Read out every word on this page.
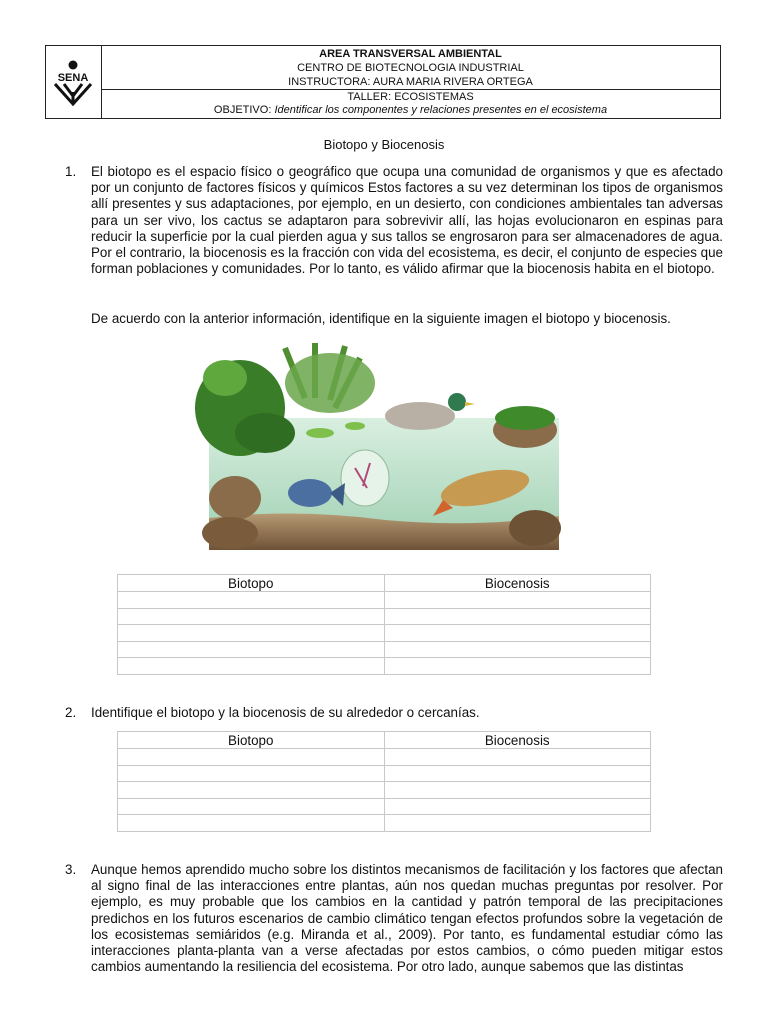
SENA
AREA TRANSVERSAL AMBIENTAL
CENTRO DE BIOTECNOLOGIA INDUSTRIAL
INSTRUCTORA: AURA MARIA RIVERA ORTEGA
TALLER: ECOSISTEMAS
OBJETIVO: Identificar los componentes y relaciones presentes en el ecosistema
Biotopo y Biocenosis
1. El biotopo es el espacio físico o geográfico que ocupa una comunidad de organismos y que es afectado por un conjunto de factores físicos y químicos Estos factores a su vez determinan los tipos de organismos allí presentes y sus adaptaciones, por ejemplo, en un desierto, con condiciones ambientales tan adversas para un ser vivo, los cactus se adaptaron para sobrevivir allí, las hojas evolucionaron en espinas para reducir la superficie por la cual pierden agua y sus tallos se engrosaron para ser almacenadores de agua. Por el contrario, la biocenosis es la fracción con vida del ecosistema, es decir, el conjunto de especies que forman poblaciones y comunidades. Por lo tanto, es válido afirmar que la biocenosis habita en el biotopo.
De acuerdo con la anterior información, identifique en la siguiente imagen el biotopo y biocenosis.
Biotopo	Biocenosis

2. Identifique el biotopo y la biocenosis de su alrededor o cercanías.
Biotopo	Biocenosis

3. Aunque hemos aprendido mucho sobre los distintos mecanismos de facilitación y los factores que afectan al signo final de las interacciones entre plantas, aún nos quedan muchas preguntas por resolver. Por ejemplo, es muy probable que los cambios en la cantidad y patrón temporal de las precipitaciones predichos en los futuros escenarios de cambio climático tengan efectos profundos sobre la vegetación de los ecosistemas semiáridos (e.g. Miranda et al., 2009). Por tanto, es fundamental estudiar cómo las interacciones planta-planta van a verse afectadas por estos cambios, o cómo pueden mitigar estos cambios aumentando la resiliencia del ecosistema. Por otro lado, aunque sabemos que las distintas
